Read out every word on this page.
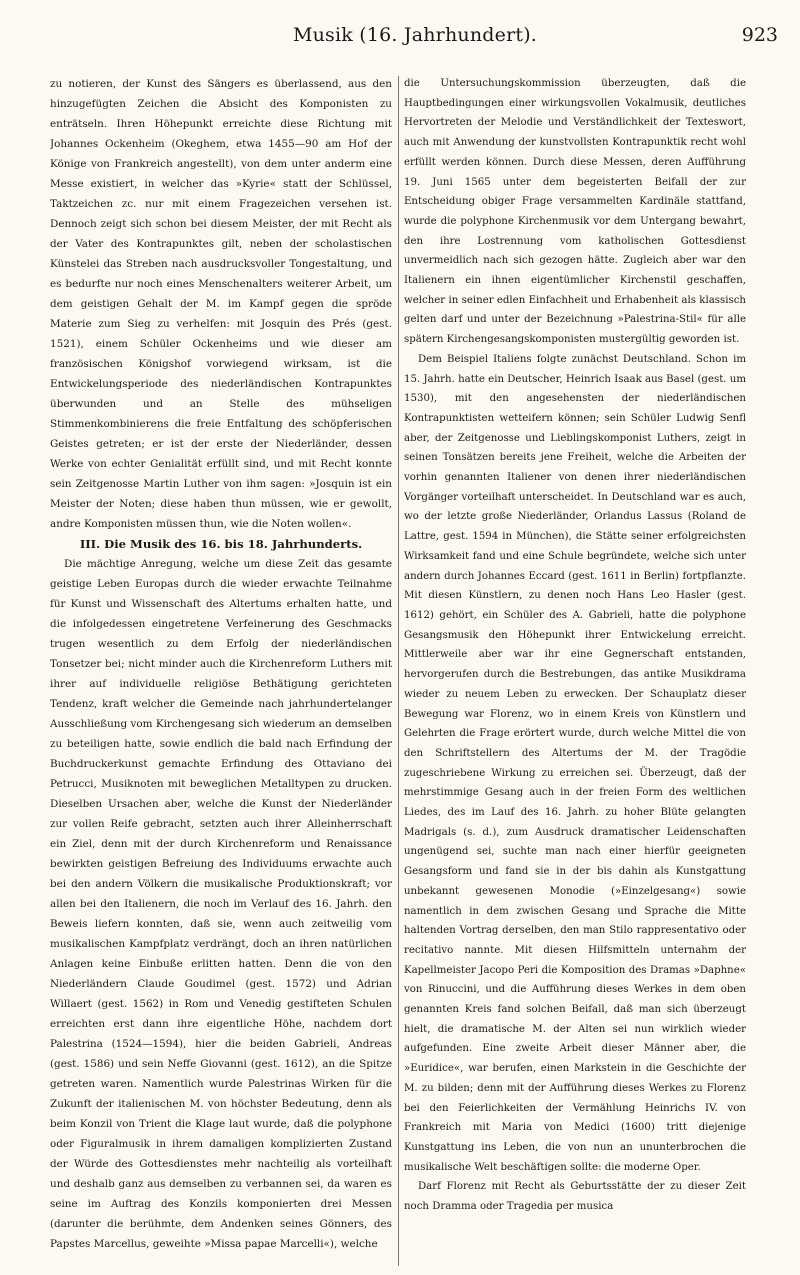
Musik (16. Jahrhundert).	923

zu notieren, der Kunst des Sängers es überlassend, aus den hinzugefügten Zeichen die Absicht des Komponisten zu enträtseln. Ihren Höhepunkt erreichte diese Richtung mit Johannes Ockenheim (Okeghem, etwa 1455—90 am Hof der Könige von Frankreich angestellt), von dem unter anderm eine Messe existiert, in welcher das »Kyrie« statt der Schlüssel, Taktzeichen zc. nur mit einem Fragezeichen versehen ist. Dennoch zeigt sich schon bei diesem Meister, der mit Recht als der Vater des Kontrapunktes gilt, neben der scholastischen Künstelei das Streben nach ausdrucksvoller Tongestaltung, und es bedurfte nur noch eines Menschenalters weiterer Arbeit, um dem geistigen Gehalt der M. im Kampf gegen die spröde Materie zum Sieg zu verhelfen: mit Josquin des Prés (gest. 1521), einem Schüler Ockenheims und wie dieser am französischen Königshof vorwiegend wirksam, ist die Entwickelungsperiode des niederländischen Kontrapunktes überwunden und an Stelle des mühseligen Stimmenkombinierens die freie Entfaltung des schöpferischen Geistes getreten; er ist der erste der Niederländer, dessen Werke von echter Genialität erfüllt sind, und mit Recht konnte sein Zeitgenosse Martin Luther von ihm sagen: »Josquin ist ein Meister der Noten; diese haben thun müssen, wie er gewollt, andre Komponisten müssen thun, wie die Noten wollen«.

III. Die Musik des 16. bis 18. Jahrhunderts.

Die mächtige Anregung, welche um diese Zeit das gesamte geistige Leben Europas durch die wieder erwachte Teilnahme für Kunst und Wissenschaft des Altertums erhalten hatte, und die infolgedessen eingetretene Verfeinerung des Geschmacks trugen wesentlich zu dem Erfolg der niederländischen Tonsetzer bei; nicht minder auch die Kirchenreform Luthers mit ihrer auf individuelle religiöse Bethätigung gerichteten Tendenz, kraft welcher die Gemeinde nach jahrhundertelanger Ausschließung vom Kirchengesang sich wiederum an demselben zu beteiligen hatte, sowie endlich die bald nach Erfindung der Buchdruckerkunst gemachte Erfindung des Ottaviano dei Petrucci, Musiknoten mit beweglichen Metalltypen zu drucken. Dieselben Ursachen aber, welche die Kunst der Niederländer zur vollen Reife gebracht, setzten auch ihrer Alleinherrschaft ein Ziel, denn mit der durch Kirchenreform und Renaissance bewirkten geistigen Befreiung des Individuums erwachte auch bei den andern Völkern die musikalische Produktionskraft; vor allen bei den Italienern, die noch im Verlauf des 16. Jahrh. den Beweis liefern konnten, daß sie, wenn auch zeitweilig vom musikalischen Kampfplatz verdrängt, doch an ihren natürlichen Anlagen keine Einbuße erlitten hatten. Denn die von den Niederländern Claude Goudimel (gest. 1572) und Adrian Willaert (gest. 1562) in Rom und Venedig gestifteten Schulen erreichten erst dann ihre eigentliche Höhe, nachdem dort Palestrina (1524—1594), hier die beiden Gabrieli, Andreas (gest. 1586) und sein Neffe Giovanni (gest. 1612), an die Spitze getreten waren. Namentlich wurde Palestrinas Wirken für die Zukunft der italienischen M. von höchster Bedeutung, denn als beim Konzil von Trient die Klage laut wurde, daß die polyphone oder Figuralmusik in ihrem damaligen komplizierten Zustand der Würde des Gottesdienstes mehr nachteilig als vorteilhaft und deshalb ganz aus demselben zu verbannen sei, da waren es seine im Auftrag des Konzils komponierten drei Messen (darunter die berühmte, dem Andenken seines Gönners, des Papstes Marcellus, geweihte »Missa papae Marcelli«), welche

die Untersuchungskommission überzeugten, daß die Hauptbedingungen einer wirkungsvollen Vokalmusik, deutliches Hervortreten der Melodie und Verständlichkeit der Texteswort, auch mit Anwendung der kunstvollsten Kontrapunktik recht wohl erfüllt werden können. Durch diese Messen, deren Aufführung 19. Juni 1565 unter dem begeisterten Beifall der zur Entscheidung obiger Frage versammelten Kardinäle stattfand, wurde die polyphone Kirchenmusik vor dem Untergang bewahrt, den ihre Lostrennung vom katholischen Gottesdienst unvermeidlich nach sich gezogen hätte. Zugleich aber war den Italienern ein ihnen eigentümlicher Kirchenstil geschaffen, welcher in seiner edlen Einfachheit und Erhabenheit als klassisch gelten darf und unter der Bezeichnung »Palestrina-Stil« für alle spätern Kirchengesangskomponisten mustergültig geworden ist.

Dem Beispiel Italiens folgte zunächst Deutschland. Schon im 15. Jahrh. hatte ein Deutscher, Heinrich Isaak aus Basel (gest. um 1530), mit den angesehensten der niederländischen Kontrapunktisten wetteifern können; sein Schüler Ludwig Senfl aber, der Zeitgenosse und Lieblingskomponist Luthers, zeigt in seinen Tonsätzen bereits jene Freiheit, welche die Arbeiten der vorhin genannten Italiener von denen ihrer niederländischen Vorgänger vorteilhaft unterscheidet. In Deutschland war es auch, wo der letzte große Niederländer, Orlandus Lassus (Roland de Lattre, gest. 1594 in München), die Stätte seiner erfolgreichsten Wirksamkeit fand und eine Schule begründete, welche sich unter andern durch Johannes Eccard (gest. 1611 in Berlin) fortpflanzte. Mit diesen Künstlern, zu denen noch Hans Leo Hasler (gest. 1612) gehört, ein Schüler des A. Gabrieli, hatte die polyphone Gesangsmusik den Höhepunkt ihrer Entwickelung erreicht. Mittlerweile aber war ihr eine Gegnerschaft entstanden, hervorgerufen durch die Bestrebungen, das antike Musikdrama wieder zu neuem Leben zu erwecken. Der Schauplatz dieser Bewegung war Florenz, wo in einem Kreis von Künstlern und Gelehrten die Frage erörtert wurde, durch welche Mittel die von den Schriftstellern des Altertums der M. der Tragödie zugeschriebene Wirkung zu erreichen sei. Überzeugt, daß der mehrstimmige Gesang auch in der freien Form des weltlichen Liedes, des im Lauf des 16. Jahrh. zu hoher Blüte gelangten Madrigals (s. d.), zum Ausdruck dramatischer Leidenschaften ungenügend sei, suchte man nach einer hierfür geeigneten Gesangsform und fand sie in der bis dahin als Kunstgattung unbekannt gewesenen Monodie (»Einzelgesang«) sowie namentlich in dem zwischen Gesang und Sprache die Mitte haltenden Vortrag derselben, den man Stilo rappresentativo oder recitativo nannte. Mit diesen Hilfsmitteln unternahm der Kapellmeister Jacopo Peri die Komposition des Dramas »Daphne« von Rinuccini, und die Aufführung dieses Werkes in dem oben genannten Kreis fand solchen Beifall, daß man sich überzeugt hielt, die dramatische M. der Alten sei nun wirklich wieder aufgefunden. Eine zweite Arbeit dieser Männer aber, die »Euridice«, war berufen, einen Markstein in die Geschichte der M. zu bilden; denn mit der Aufführung dieses Werkes zu Florenz bei den Feierlichkeiten der Vermählung Heinrichs IV. von Frankreich mit Maria von Medici (1600) tritt diejenige Kunstgattung ins Leben, die von nun an ununterbrochen die musikalische Welt beschäftigen sollte: die moderne Oper.

Darf Florenz mit Recht als Geburtsstätte der zu dieser Zeit noch Dramma oder Tragedia per musica
